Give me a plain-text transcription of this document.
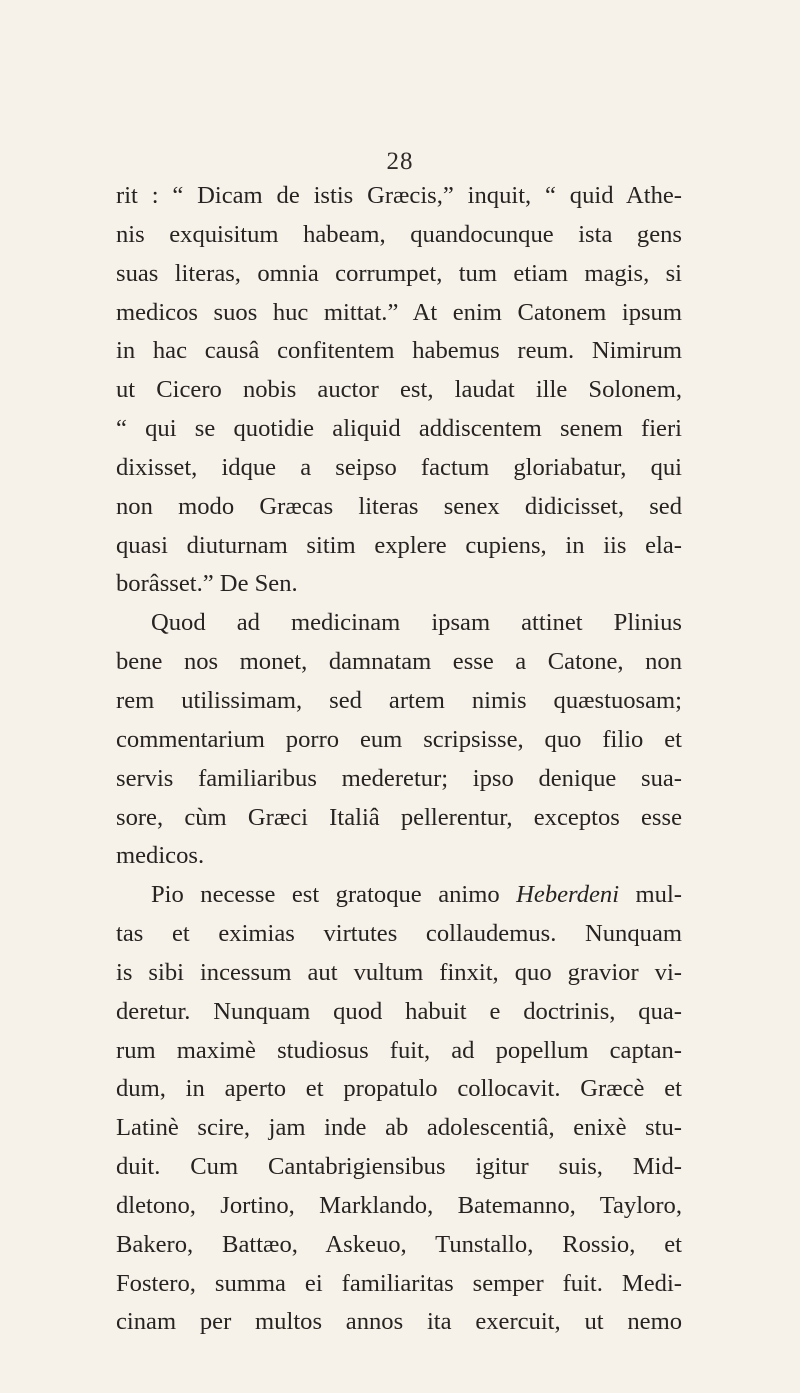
28
rit : “ Dicam de istis Græcis,” inquit, “ quid Athe-
nis exquisitum habeam, quandocunque ista gens
suas literas, omnia corrumpet, tum etiam magis, si
medicos suos huc mittat.” At enim Catonem ipsum
in hac causâ confitentem habemus reum. Nimirum
ut Cicero nobis auctor est, laudat ille Solonem,
“ qui se quotidie aliquid addiscentem senem fieri
dixisset, idque a seipso factum gloriabatur, qui
non modo Græcas literas senex didicisset, sed
quasi diuturnam sitim explere cupiens, in iis ela-
borâsset.” De Sen.
Quod ad medicinam ipsam attinet Plinius
bene nos monet, damnatam esse a Catone, non
rem utilissimam, sed artem nimis quæstuosam;
commentarium porro eum scripsisse, quo filio et
servis familiaribus mederetur; ipso denique sua-
sore, cùm Græci Italiâ pellerentur, exceptos esse
medicos.
Pio necesse est gratoque animo Heberdeni mul-
tas et eximias virtutes collaudemus. Nunquam
is sibi incessum aut vultum finxit, quo gravior vi-
deretur. Nunquam quod habuit e doctrinis, qua-
rum maximè studiosus fuit, ad popellum captan-
dum, in aperto et propatulo collocavit. Græcè et
Latinè scire, jam inde ab adolescentiâ, enixè stu-
duit. Cum Cantabrigiensibus igitur suis, Mid-
dletono, Jortino, Marklando, Batemanno, Tayloro,
Bakero, Battæo, Askeuo, Tunstallo, Rossio, et
Fostero, summa ei familiaritas semper fuit. Medi-
cinam per multos annos ita exercuit, ut nemo
